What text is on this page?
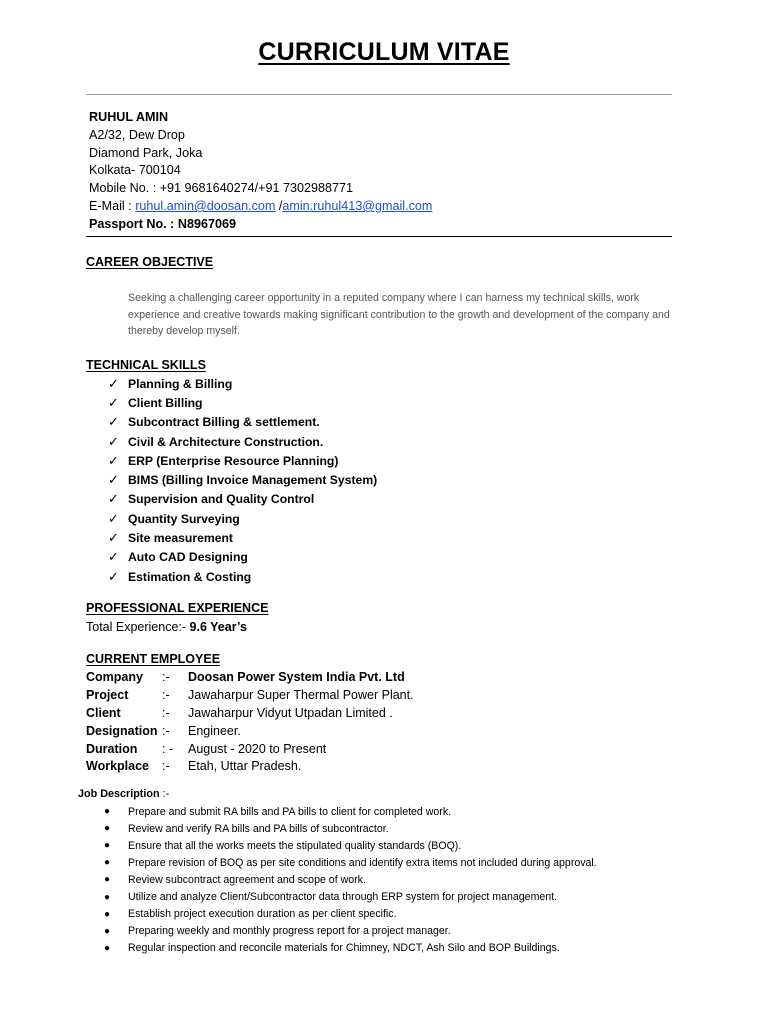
CURRICULUM VITAE
RUHUL AMIN
A2/32, Dew Drop
Diamond Park, Joka
Kolkata- 700104
Mobile No. : +91 9681640274/+91 7302988771
E-Mail : ruhul.amin@doosan.com /amin.ruhul413@gmail.com
Passport No. : N8967069
CAREER OBJECTIVE
Seeking a challenging career opportunity in a reputed company where I can harness my technical skills, work experience and creative towards making significant contribution to the growth and development of the company and thereby develop myself.
TECHNICAL SKILLS
✓ Planning & Billing
✓ Client Billing
✓ Subcontract Billing & settlement.
✓ Civil & Architecture Construction.
✓ ERP (Enterprise Resource Planning)
✓ BIMS (Billing Invoice Management System)
✓ Supervision and Quality Control
✓ Quantity Surveying
✓ Site measurement
✓ Auto CAD Designing
✓ Estimation & Costing
PROFESSIONAL EXPERIENCE
Total Experience:- 9.6 Year’s
CURRENT EMPLOYEE
Company	:-	Doosan Power System India Pvt. Ltd
Project	:-	Jawaharpur Super Thermal Power Plant.
Client	:-	Jawaharpur Vidyut Utpadan Limited .
Designation :-	Engineer.
Duration	: -	August - 2020 to Present
Workplace	:-	Etah, Uttar Pradesh.
Job Description :-
●	Prepare and submit RA bills and PA bills to client for completed work.
●	Review and verify RA bills and PA bills of subcontractor.
●	Ensure that all the works meets the stipulated quality standards (BOQ).
●	Prepare revision of BOQ as per site conditions and identify extra items not included during approval.
●	Review subcontract agreement and scope of work.
●	Utilize and analyze Client/Subcontractor data through ERP system for project management.
●	Establish project execution duration as per client specific.
●	Preparing weekly and monthly progress report for a project manager.
●	Regular inspection and reconcile materials for Chimney, NDCT, Ash Silo and BOP Buildings.
